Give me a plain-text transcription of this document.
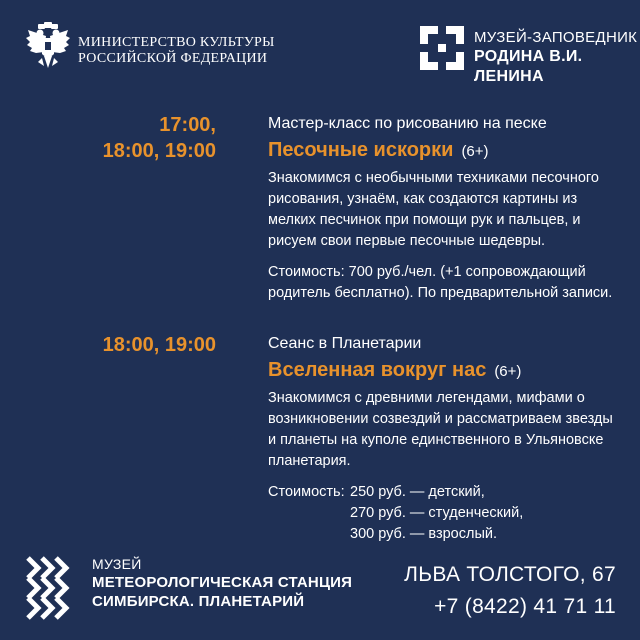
МИНИСТЕРСТВО КУЛЬТУРЫ
РОССИЙСКОЙ ФЕДЕРАЦИИ
МУЗЕЙ-ЗАПОВЕДНИК
РОДИНА В.И. ЛЕНИНА
17:00,
18:00, 19:00
Мастер-класс по рисованию на песке
Песочные искорки (6+)
Знакомимся с необычными техниками песочного рисования, узнаём, как создаются картины из мелких песчинок при помощи рук и пальцев, и рисуем свои первые песочные шедевры.
Стоимость: 700 руб./чел. (+1 сопровождающий родитель бесплатно). По предварительной записи.
18:00, 19:00	Сеанс в Планетарии
Вселенная вокруг нас (6+)
Знакомимся с древними легендами, мифами о возникновении созвездий и рассматриваем звезды и планеты на куполе единственного в Ульяновске планетария.
Стоимость: 250 руб. — детский,
270 руб. — студенческий,
300 руб. — взрослый.
МУЗЕЙ
МЕТЕОРОЛОГИЧЕСКАЯ СТАНЦИЯ
СИМБИРСКА. ПЛАНЕТАРИЙ
ЛЬВА ТОЛСТОГО, 67
+7 (8422) 41 71 11
